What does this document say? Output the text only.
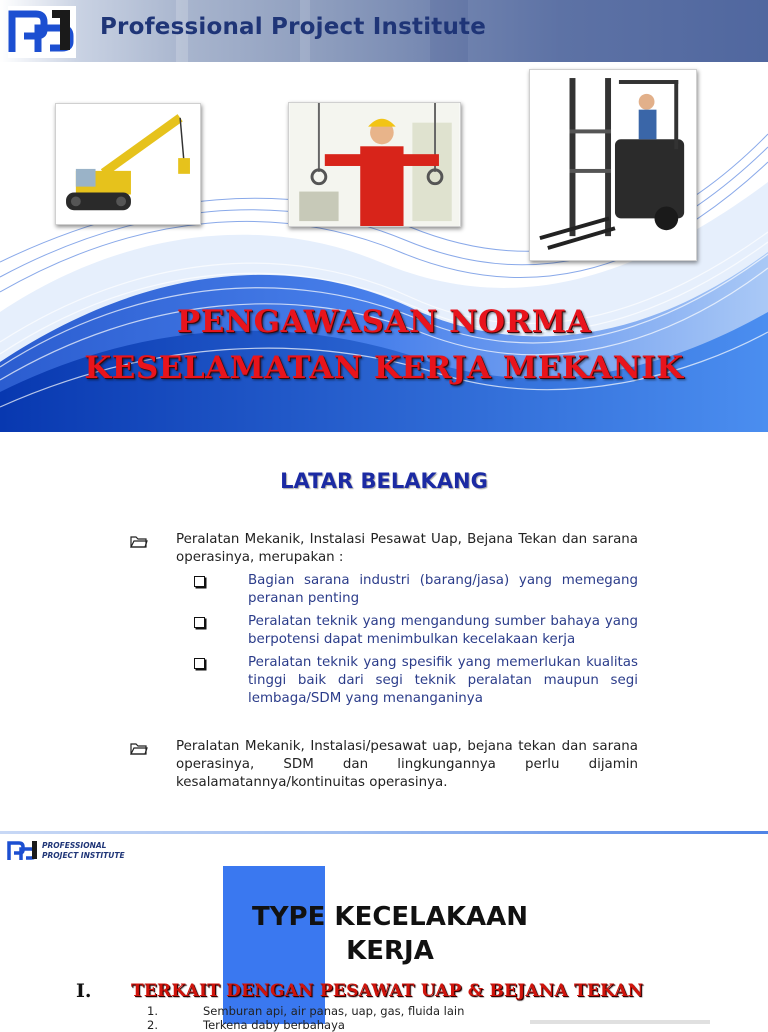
Professional Project Institute
PENGAWASAN NORMA
KESELAMATAN KERJA MEKANIK
LATAR BELAKANG
Peralatan Mekanik, Instalasi Pesawat Uap, Bejana Tekan dan sarana operasinya, merupakan :
Bagian sarana industri (barang/jasa) yang memegang peranan penting
Peralatan teknik yang mengandung sumber bahaya yang berpotensi dapat menimbulkan kecelakaan kerja
Peralatan teknik yang spesifik yang memerlukan kualitas tinggi baik dari segi teknik peralatan maupun segi lembaga/SDM yang menanganinya
Peralatan Mekanik, Instalasi/pesawat uap, bejana tekan dan sarana operasinya, SDM dan lingkungannya perlu dijamin kesalamatannya/kontinuitas operasinya.
PROFESSIONAL
PROJECT INSTITUTE
TYPE KECELAKAAN
KERJA
I. TERKAIT DENGAN PESAWAT UAP & BEJANA TEKAN
1.	Semburan api, air panas, uap, gas, fluida lain
2.	Terkena daby berbahaya
